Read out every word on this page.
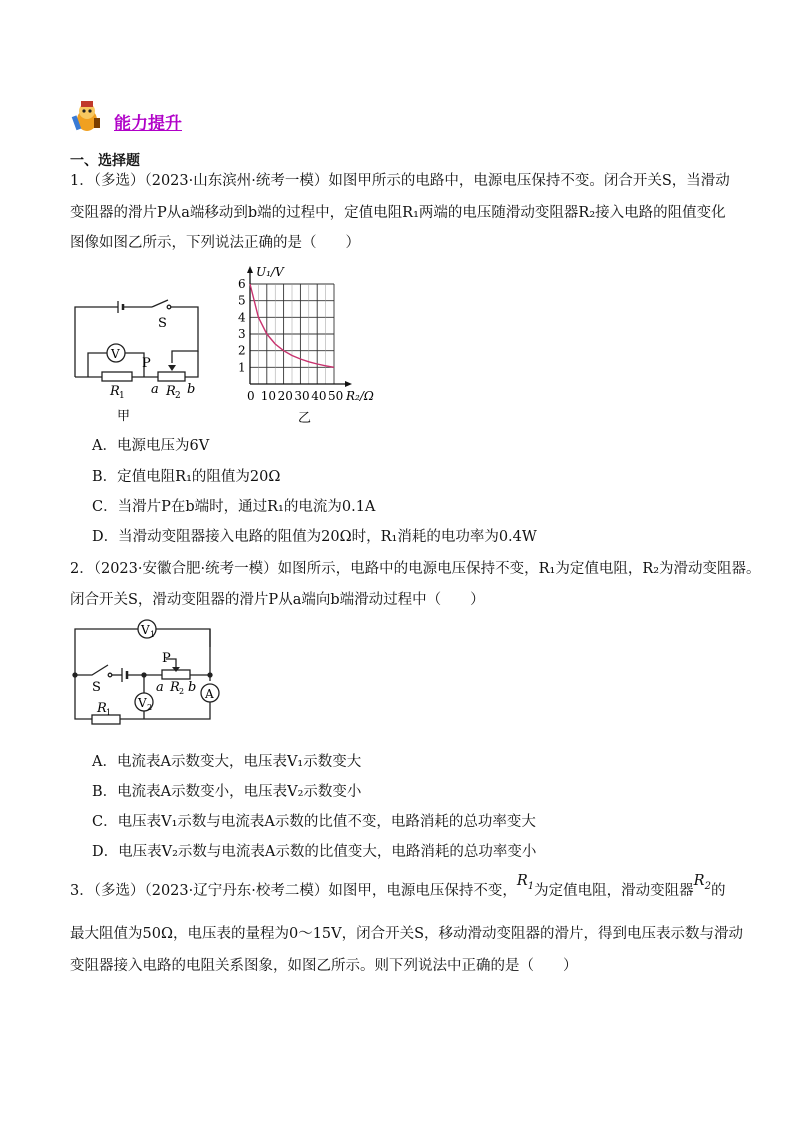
能力提升
一、选择题
1．（多选）（2023·山东滨州·统考一模）如图甲所示的电路中，电源电压保持不变。闭合开关S，当滑动
变阻器的滑片P从a端移动到b端的过程中，定值电阻R₁两端的电压随滑动变阻器R₂接入电路的阻值变化
图像如图乙所示，下列说法正确的是（　　）
V
S
P
R 1 a R 2 b
甲
0 10 20 30 40 50
1
2
3
4
5
6
U₁/V
R₂/Ω
乙
A．电源电压为6V
B．定值电阻R₁的阻值为20Ω
C．当滑片P在b端时，通过R₁的电流为0.1A
D．当滑动变阻器接入电路的阻值为20Ω时，R₁消耗的电功率为0.4W
2．（2023·安徽合肥·统考一模）如图所示，电路中的电源电压保持不变，R₁为定值电阻，R₂为滑动变阻器。
闭合开关S，滑动变阻器的滑片P从a端向b端滑动过程中（　　）
V 1
V 2
A
S
P
a R 2 b
R 1
A．电流表A示数变大，电压表V₁示数变大
B．电流表A示数变小，电压表V₂示数变小
C．电压表V₁示数与电流表A示数的比值不变，电路消耗的总功率变大
D．电压表V₂示数与电流表A示数的比值变大，电路消耗的总功率变小
3．（多选）（2023·辽宁丹东·校考二模）如图甲，电源电压保持不变，$R_1$为定值电阻，滑动变阻器$R_2$的
最大阻值为50Ω，电压表的量程为0～15V，闭合开关S，移动滑动变阻器的滑片，得到电压表示数与滑动
变阻器接入电路的电阻关系图象，如图乙所示。则下列说法中正确的是（　　）
